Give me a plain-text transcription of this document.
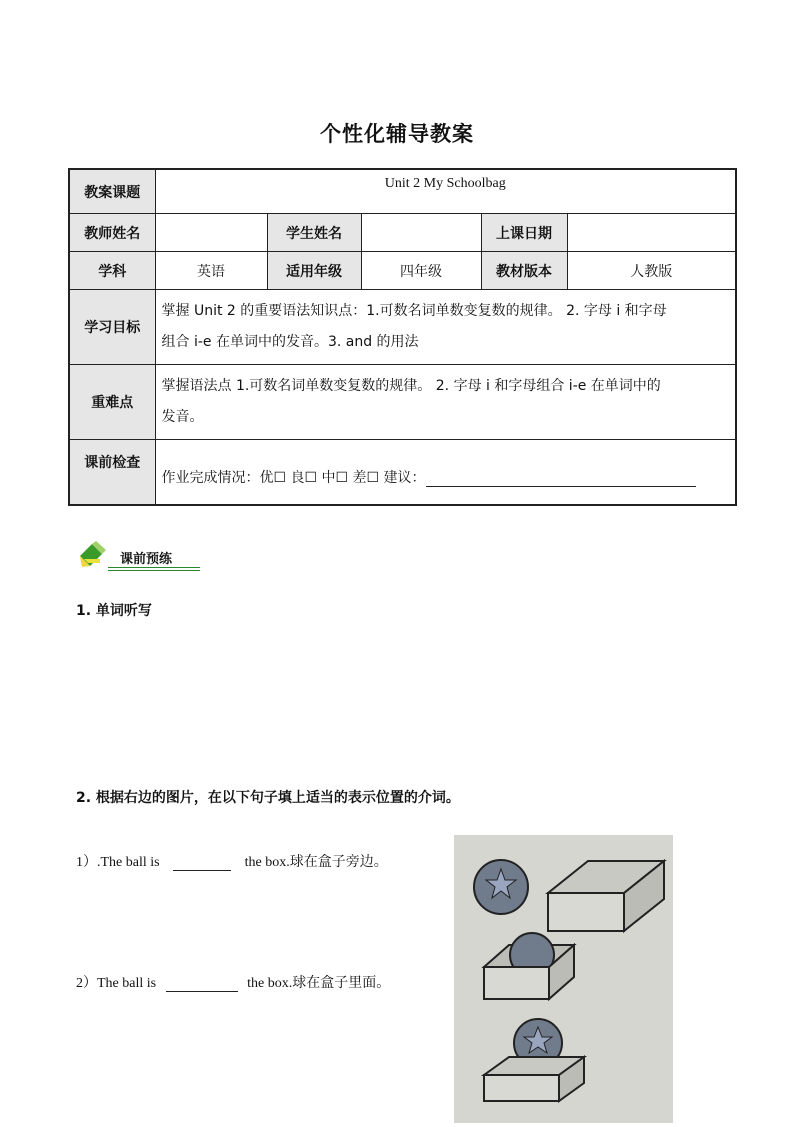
个性化辅导教案
教案课题	Unit 2 My Schoolbag				
教师姓名		学生姓名		上课日期	
学科	英语	适用年级	四年级	教材版本	人教版
学习目标	掌握 Unit 2 的重要语法知识点：1.可数名词单数变复数的规律。 2. 字母 i 和字母
组合 i-e 在单词中的发音。3. and 的用法				

重难点	掌握语法点 1.可数名词单数变复数的规律。 2. 字母 i 和字母组合 i-e 在单词中的
发音。				

课前检查	作业完成情况：优☐ 良☐ 中☐ 差☐ 建议：				
课前预练
1. 单词听写
2. 根据右边的图片，在以下句子填上适当的表示位置的介词。
1）.The ball is	the box.球在盒子旁边。
2）The ball is	the box.球在盒子里面。
